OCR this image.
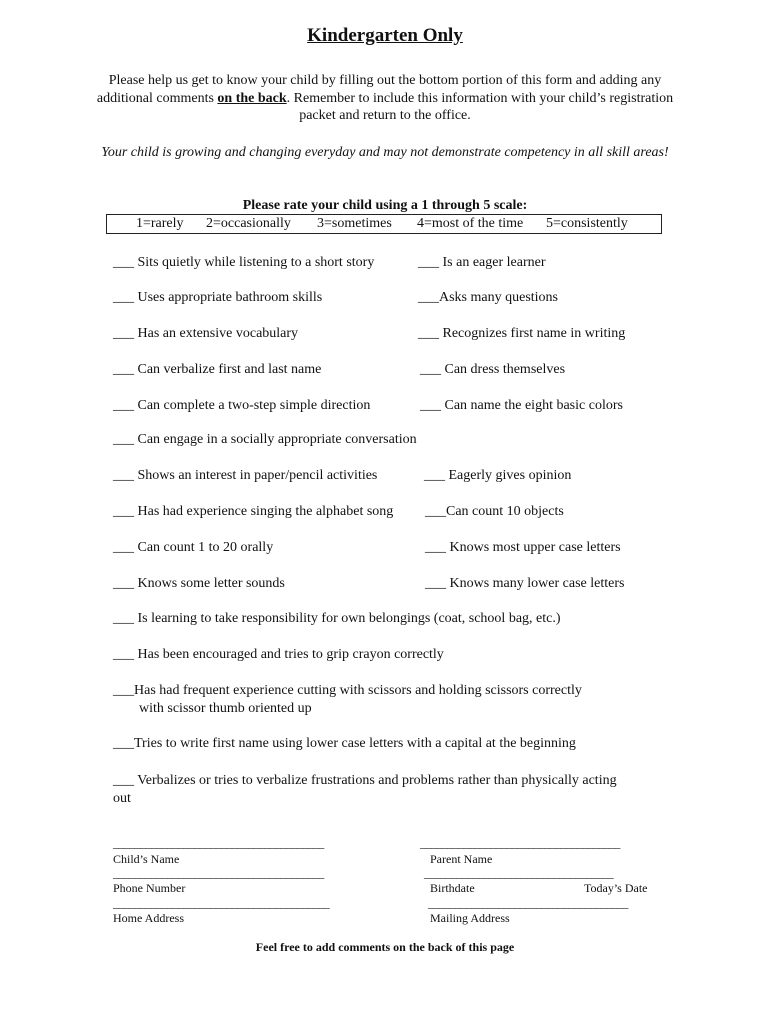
Kindergarten Only
Please help us get to know your child by filling out the bottom portion of this form and adding any additional comments on the back. Remember to include this information with your child’s registration packet and return to the office.
Your child is growing and changing everyday and may not demonstrate competency in all skill areas!
Please rate your child using a 1 through 5 scale:
1=rarely 2=occasionally 3=sometimes 4=most of the time 5=consistently
___ Sits quietly while listening to a short story	___ Is an eager learner
___ Uses appropriate bathroom skills	___Asks many questions
___ Has an extensive vocabulary	___ Recognizes first name in writing
___ Can verbalize first and last name	___ Can dress themselves
___ Can complete a two-step simple direction	___ Can name the eight basic colors
___ Can engage in a socially appropriate conversation
___ Shows an interest in paper/pencil activities	___ Eagerly gives opinion
___ Has had experience singing the alphabet song ___Can count 10 objects
___ Can count 1 to 20 orally	___ Knows most upper case letters
___ Knows some letter sounds	___ Knows many lower case letters
___ Is learning to take responsibility for own belongings (coat, school bag, etc.)
___ Has been encouraged and tries to grip crayon correctly
___Has had frequent experience cutting with scissors and holding scissors correctly
with scissor thumb oriented up
___Tries to write first name using lower case letters with a capital at the beginning
___ Verbalizes or tries to verbalize frustrations and problems rather than physically acting out
_______________________________________	_____________________________________
Child’s Name	Parent Name
_______________________________________	___________________________________
Phone Number	Birthdate	Today’s Date
________________________________________	_____________________________________
Home Address	Mailing Address
Feel free to add comments on the back of this page
